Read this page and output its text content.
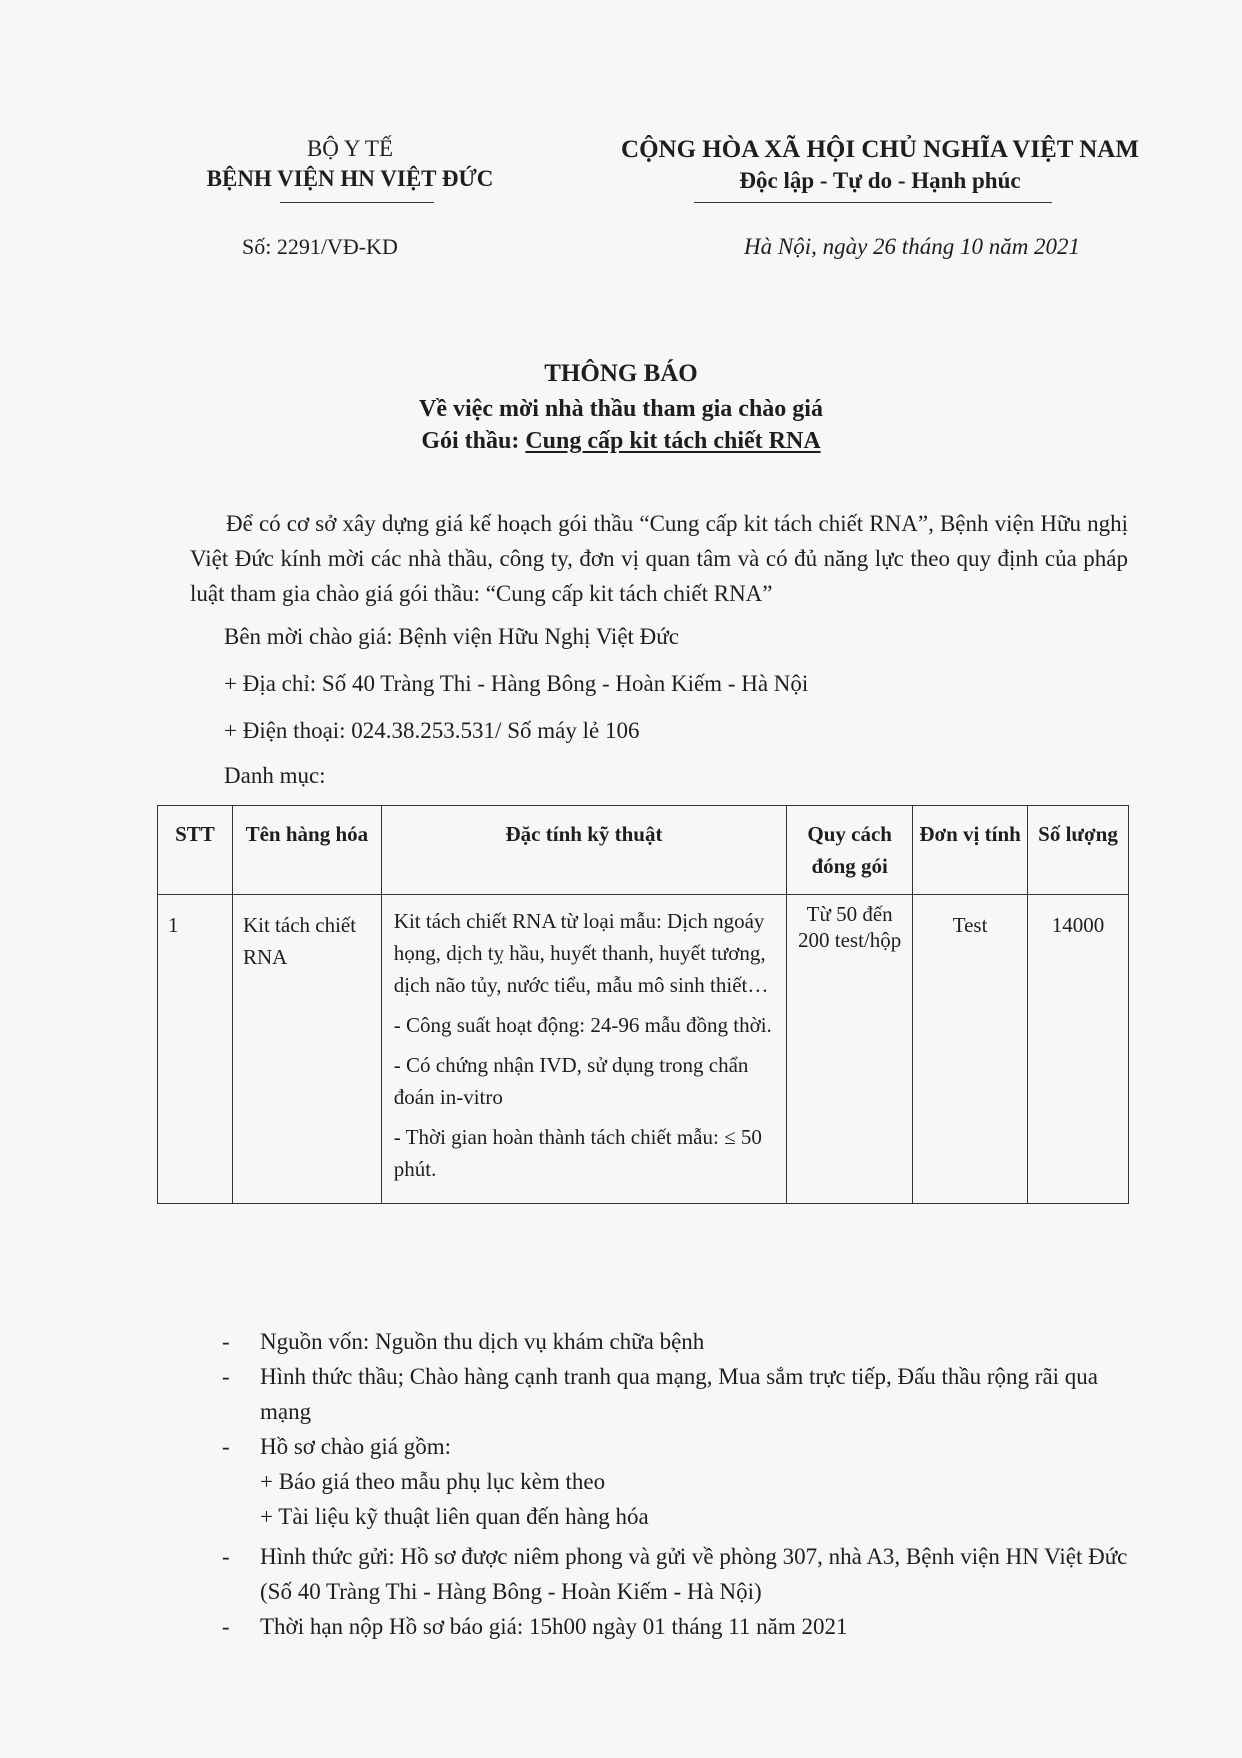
BỘ Y TẾ
BỆNH VIỆN HN VIỆT ĐỨC
CỘNG HÒA XÃ HỘI CHỦ NGHĨA VIỆT NAM
Độc lập - Tự do - Hạnh phúc
Số: 2291/VĐ-KD	Hà Nội, ngày 26 tháng 10 năm 2021
THÔNG BÁO
Về việc mời nhà thầu tham gia chào giá
Gói thầu: Cung cấp kit tách chiết RNA
Để có cơ sở xây dựng giá kế hoạch gói thầu “Cung cấp kit tách chiết RNA”, Bệnh viện Hữu nghị Việt Đức kính mời các nhà thầu, công ty, đơn vị quan tâm và có đủ năng lực theo quy định của pháp luật tham gia chào giá gói thầu: “Cung cấp kit tách chiết RNA”
Bên mời chào giá: Bệnh viện Hữu Nghị Việt Đức
+ Địa chỉ: Số 40 Tràng Thi - Hàng Bông - Hoàn Kiếm - Hà Nội
+ Điện thoại: 024.38.253.531/ Số máy lẻ 106
Danh mục:
STT	Tên hàng hóa	Đặc tính kỹ thuật	Quy cách đóng gói	Đơn vị tính	Số lượng
1	Kit tách chiết RNA	Kit tách chiết RNA từ loại mẫu: Dịch ngoáy họng, dịch tỵ hầu, huyết thanh, huyết tương, dịch não tủy, nước tiểu, mẫu mô sinh thiết…

- Công suất hoạt động: 24-96 mẫu đồng thời.

- Có chứng nhận IVD, sử dụng trong chẩn đoán in-vitro

- Thời gian hoàn thành tách chiết mẫu: ≤ 50 phút.	Từ 50 đến 200 test/hộp	Test	14000
- Nguồn vốn: Nguồn thu dịch vụ khám chữa bệnh
- Hình thức thầu; Chào hàng cạnh tranh qua mạng, Mua sắm trực tiếp, Đấu thầu rộng rãi qua mạng
- Hồ sơ chào giá gồm:
+ Báo giá theo mẫu phụ lục kèm theo
+ Tài liệu kỹ thuật liên quan đến hàng hóa
- Hình thức gửi: Hồ sơ được niêm phong và gửi về phòng 307, nhà A3, Bệnh viện HN Việt Đức (Số 40 Tràng Thi - Hàng Bông - Hoàn Kiếm - Hà Nội)
- Thời hạn nộp Hồ sơ báo giá: 15h00 ngày 01 tháng 11 năm 2021
